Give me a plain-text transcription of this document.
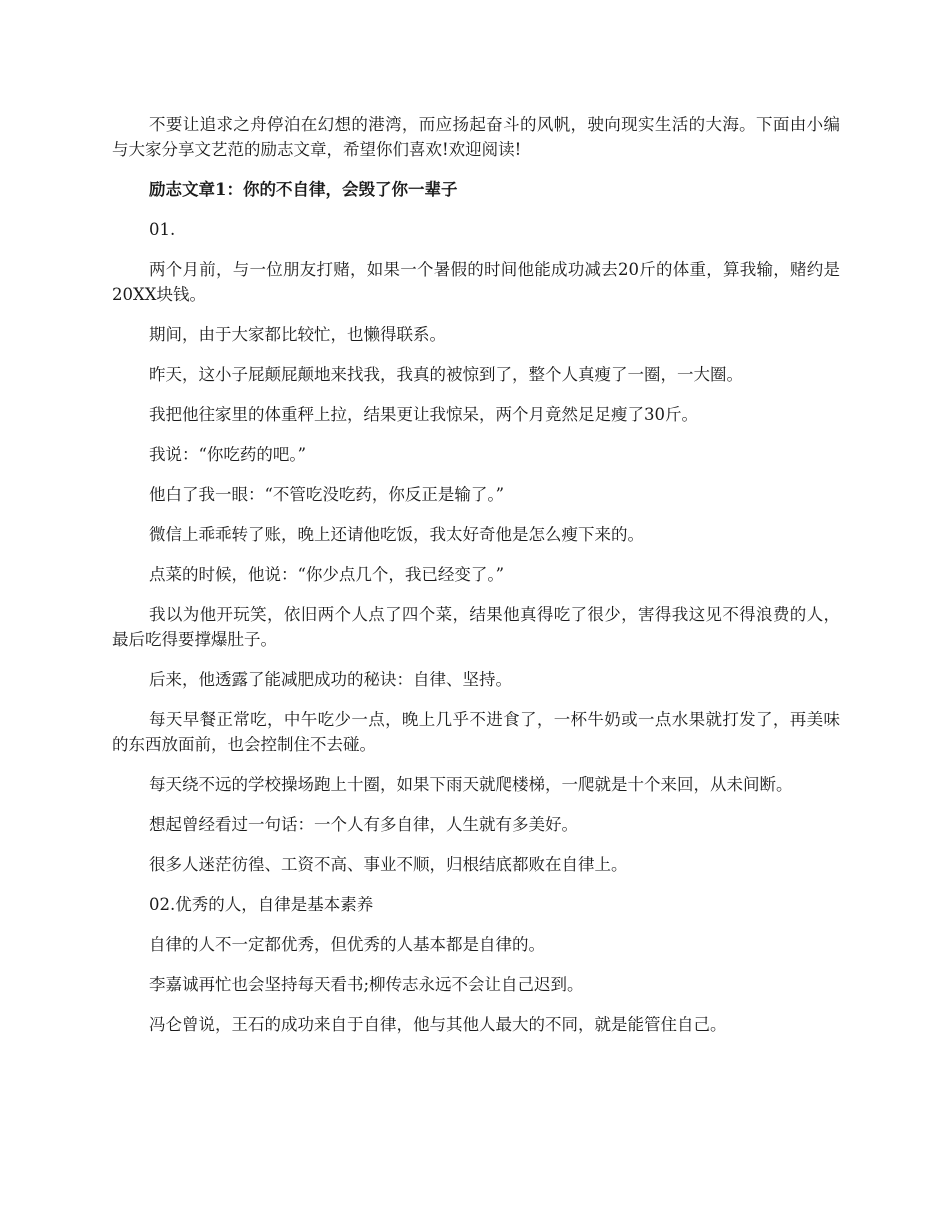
不要让追求之舟停泊在幻想的港湾，而应扬起奋斗的风帆，驶向现实生活的大海。下面由小编与大家分享文艺范的励志文章，希望你们喜欢!欢迎阅读!

励志文章1：你的不自律，会毁了你一辈子

01.

两个月前，与一位朋友打赌，如果一个暑假的时间他能成功减去20斤的体重，算我输，赌约是20XX块钱。

期间，由于大家都比较忙，也懒得联系。

昨天，这小子屁颠屁颠地来找我，我真的被惊到了，整个人真瘦了一圈，一大圈。

我把他往家里的体重秤上拉，结果更让我惊呆，两个月竟然足足瘦了30斤。

我说：“你吃药的吧。”

他白了我一眼：“不管吃没吃药，你反正是输了。”

微信上乖乖转了账，晚上还请他吃饭，我太好奇他是怎么瘦下来的。

点菜的时候，他说：“你少点几个，我已经变了。”

我以为他开玩笑，依旧两个人点了四个菜，结果他真得吃了很少，害得我这见不得浪费的人，最后吃得要撑爆肚子。

后来，他透露了能减肥成功的秘诀：自律、坚持。

每天早餐正常吃，中午吃少一点，晚上几乎不进食了，一杯牛奶或一点水果就打发了，再美味的东西放面前，也会控制住不去碰。

每天绕不远的学校操场跑上十圈，如果下雨天就爬楼梯，一爬就是十个来回，从未间断。

想起曾经看过一句话：一个人有多自律，人生就有多美好。

很多人迷茫彷徨、工资不高、事业不顺，归根结底都败在自律上。

02.优秀的人，自律是基本素养

自律的人不一定都优秀，但优秀的人基本都是自律的。

李嘉诚再忙也会坚持每天看书;柳传志永远不会让自己迟到。

冯仑曾说，王石的成功来自于自律，他与其他人最大的不同，就是能管住自己。
